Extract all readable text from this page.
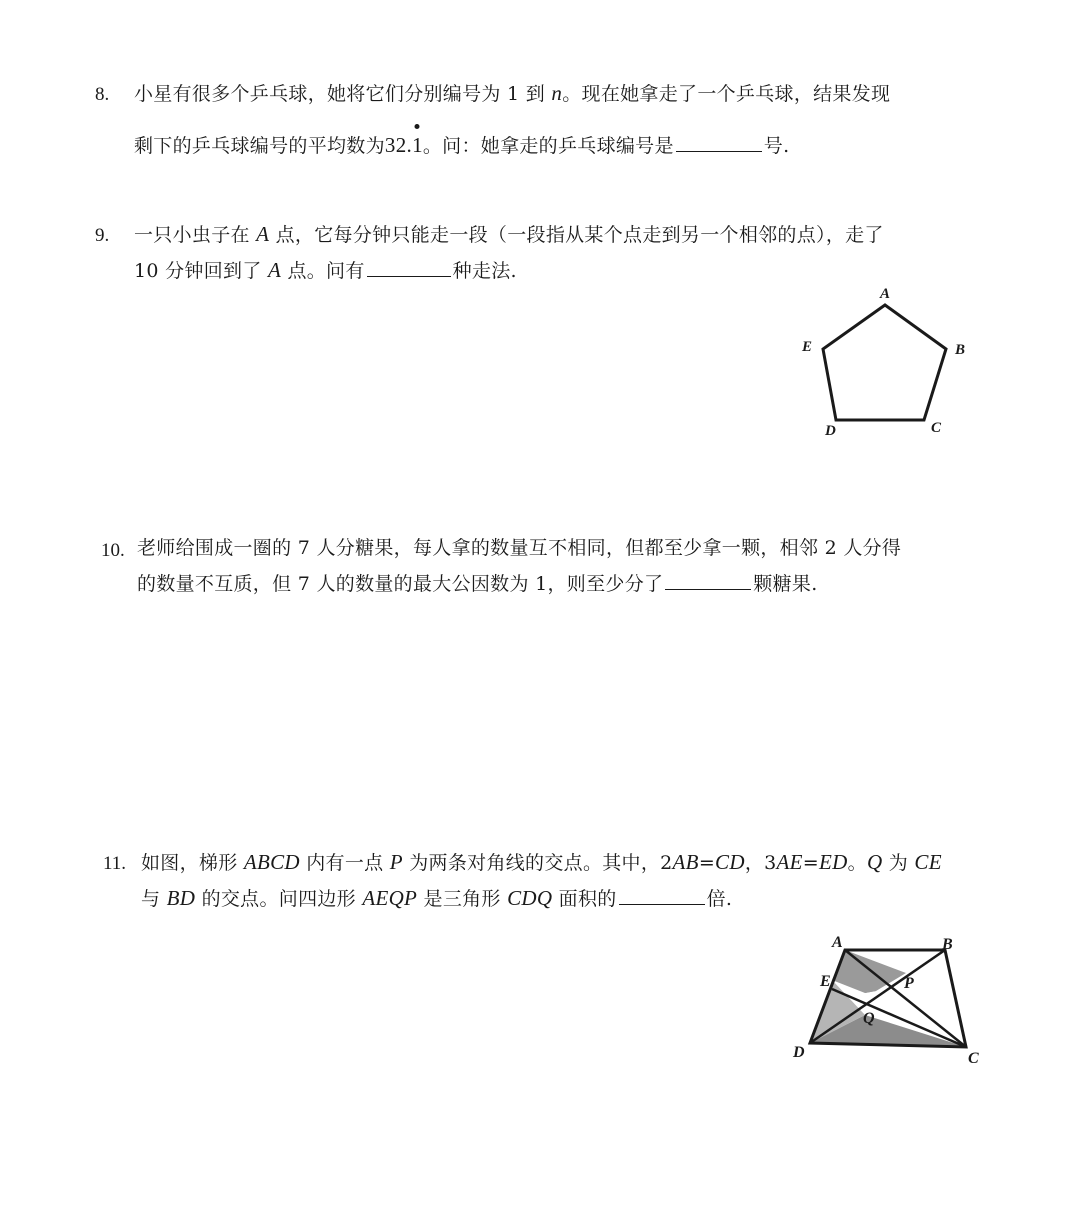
8. 小星有很多个乒乓球，她将它们分别编号为 1 到 n。现在她拿走了一个乒乓球，结果发现
剩下的乒乓球编号的平均数为32.
1。问：她拿走的乒乓球编号是	号.
9. 一只小虫子在 A 点，它每分钟只能走一段（一段指从某个点走到另一个相邻的点），走了
10 分钟回到了 A 点。问有	种走法.
A
B
C
D
E
10. 老师给围成一圈的 7 人分糖果，每人拿的数量互不相同，但都至少拿一颗，相邻 2 人分得
的数量不互质，但 7 人的数量的最大公因数为 1，则至少分了	颗糖果.
11. 如图，梯形 ABCD 内有一点 P 为两条对角线的交点。其中，2AB=CD，3AE=ED。Q 为 CE
与 BD 的交点。问四边形 AEQP 是三角形 CDQ 面积的	倍.
A	B
C
D
E	P
Q
